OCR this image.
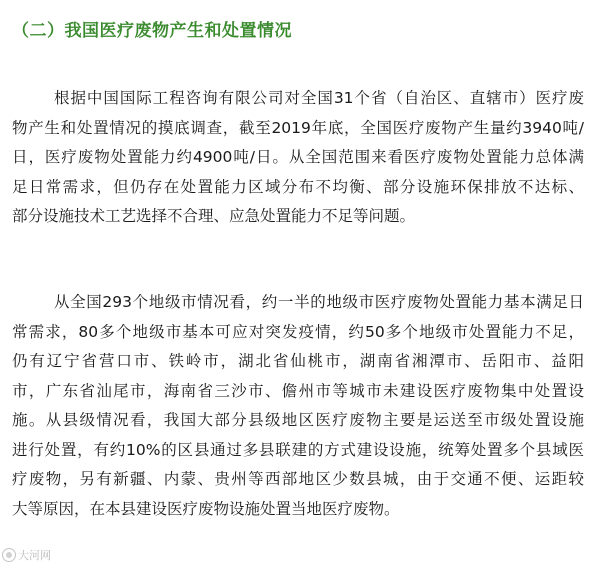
（二）我国医疗废物产生和处置情况
根据中国国际工程咨询有限公司对全国31个省（自治区、直辖市）医疗废
物产生和处置情况的摸底调查，截至2019年底，全国医疗废物产生量约3940吨/
日，医疗废物处置能力约4900吨/日。从全国范围来看医疗废物处置能力总体满
足日常需求，但仍存在处置能力区域分布不均衡、部分设施环保排放不达标、
部分设施技术工艺选择不合理、应急处置能力不足等问题。
从全国293个地级市情况看，约一半的地级市医疗废物处置能力基本满足日
常需求，80多个地级市基本可应对突发疫情，约50多个地级市处置能力不足，
仍有辽宁省营口市、铁岭市，湖北省仙桃市，湖南省湘潭市、岳阳市、益阳
市，广东省汕尾市，海南省三沙市、儋州市等城市未建设医疗废物集中处置设
施。从县级情况看，我国大部分县级地区医疗废物主要是运送至市级处置设施
进行处置，有约10%的区县通过多县联建的方式建设设施，统筹处置多个县域医
疗废物，另有新疆、内蒙、贵州等西部地区少数县城，由于交通不便、运距较
大等原因，在本县建设医疗废物设施处置当地医疗废物。
大河网
